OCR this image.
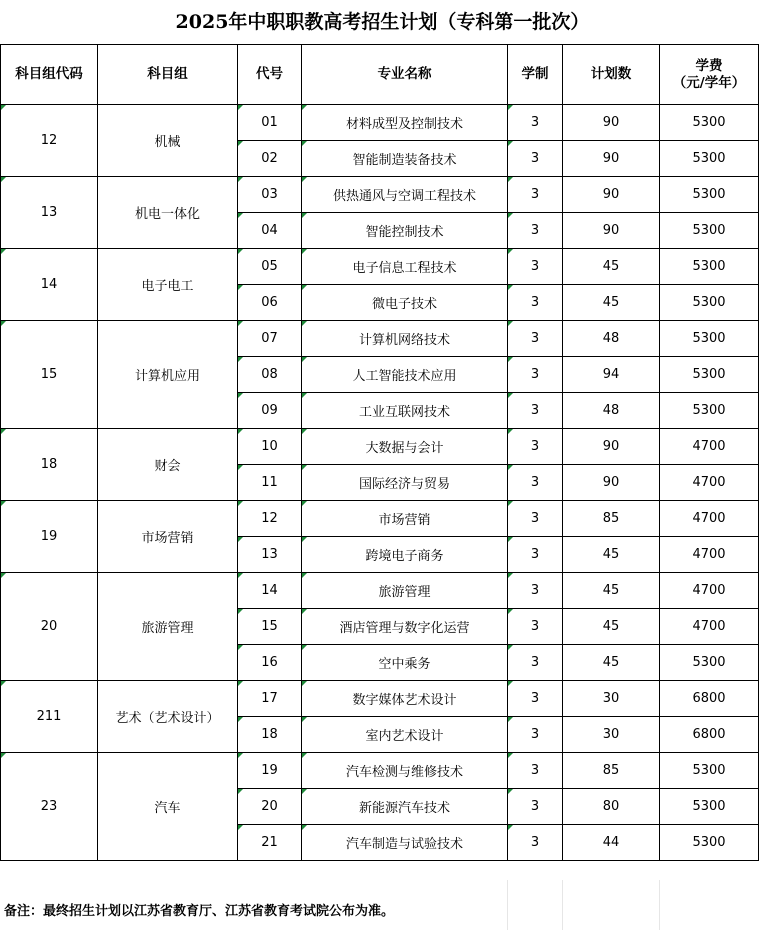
2025年中职职教高考招生计划（专科第一批次）
科目组代码	科目组	代号	专业名称	学制	计划数	学费
（元/学年）

12	机械	01	材料成型及控制技术	3	90	5300
		02	智能制造装备技术	3	90	5300
13	机电一体化	03	供热通风与空调工程技术	3	90	5300
		04	智能控制技术	3	90	5300
14	电子电工	05	电子信息工程技术	3	45	5300
		06	微电子技术	3	45	5300
15	计算机应用	07	计算机网络技术	3	48	5300
		08	人工智能技术应用	3	94	5300
		09	工业互联网技术	3	48	5300
18	财会	10	大数据与会计	3	90	4700
		11	国际经济与贸易	3	90	4700
19	市场营销	12	市场营销	3	85	4700
		13	跨境电子商务	3	45	4700
20	旅游管理	14	旅游管理	3	45	4700
		15	酒店管理与数字化运营	3	45	4700
		16	空中乘务	3	45	5300
211	艺术（艺术设计）	17	数字媒体艺术设计	3	30	6800
		18	室内艺术设计	3	30	6800
23	汽车	19	汽车检测与维修技术	3	85	5300
		20	新能源汽车技术	3	80	5300
		21	汽车制造与试验技术	3	44	5300
备注：最终招生计划以江苏省教育厅、江苏省教育考试院公布为准。
